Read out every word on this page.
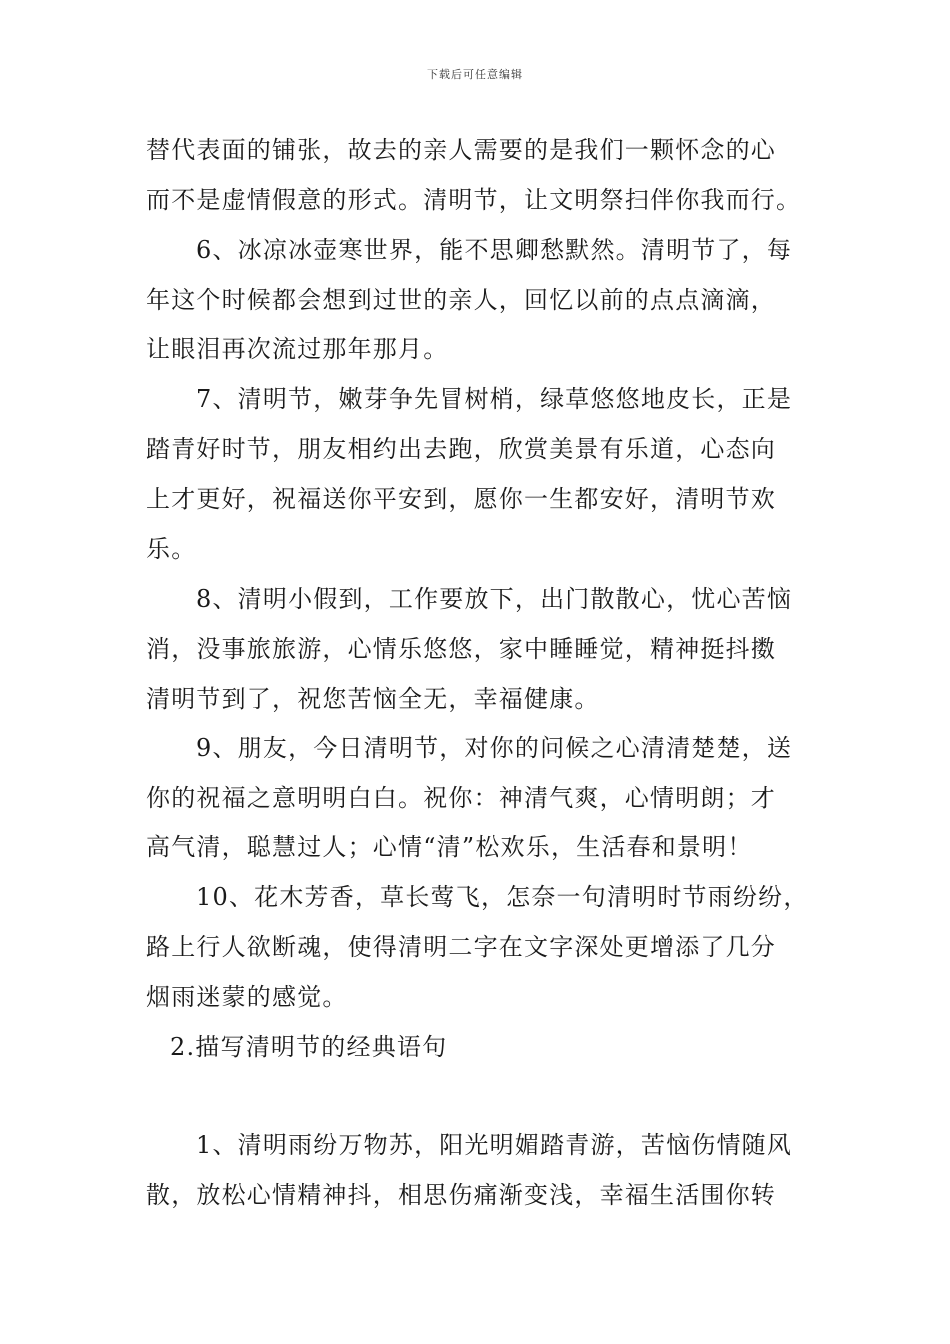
下载后可任意编辑
替代表面的铺张，故去的亲人需要的是我们一颗怀念的心
而不是虚情假意的形式。清明节，让文明祭扫伴你我而行。
6、冰凉冰壶寒世界，能不思卿愁默然。清明节了，每
年这个时候都会想到过世的亲人，回忆以前的点点滴滴，
让眼泪再次流过那年那月。
7、清明节，嫩芽争先冒树梢，绿草悠悠地皮长，正是
踏青好时节，朋友相约出去跑，欣赏美景有乐道，心态向
上才更好，祝福送你平安到，愿你一生都安好，清明节欢
乐。
8、清明小假到，工作要放下，出门散散心，忧心苦恼
消，没事旅旅游，心情乐悠悠，家中睡睡觉，精神挺抖擞
清明节到了，祝您苦恼全无，幸福健康。
9、朋友，今日清明节，对你的问候之心清清楚楚，送
你的祝福之意明明白白。祝你：神清气爽，心情明朗；才
高气清，聪慧过人；心情“清”松欢乐，生活春和景明！
10、花木芳香，草长莺飞，怎奈一句清明时节雨纷纷，
路上行人欲断魂，使得清明二字在文字深处更增添了几分
烟雨迷蒙的感觉。
2.描写清明节的经典语句
1、清明雨纷万物苏，阳光明媚踏青游，苦恼伤情随风
散，放松心情精神抖，相思伤痛渐变浅，幸福生活围你转
